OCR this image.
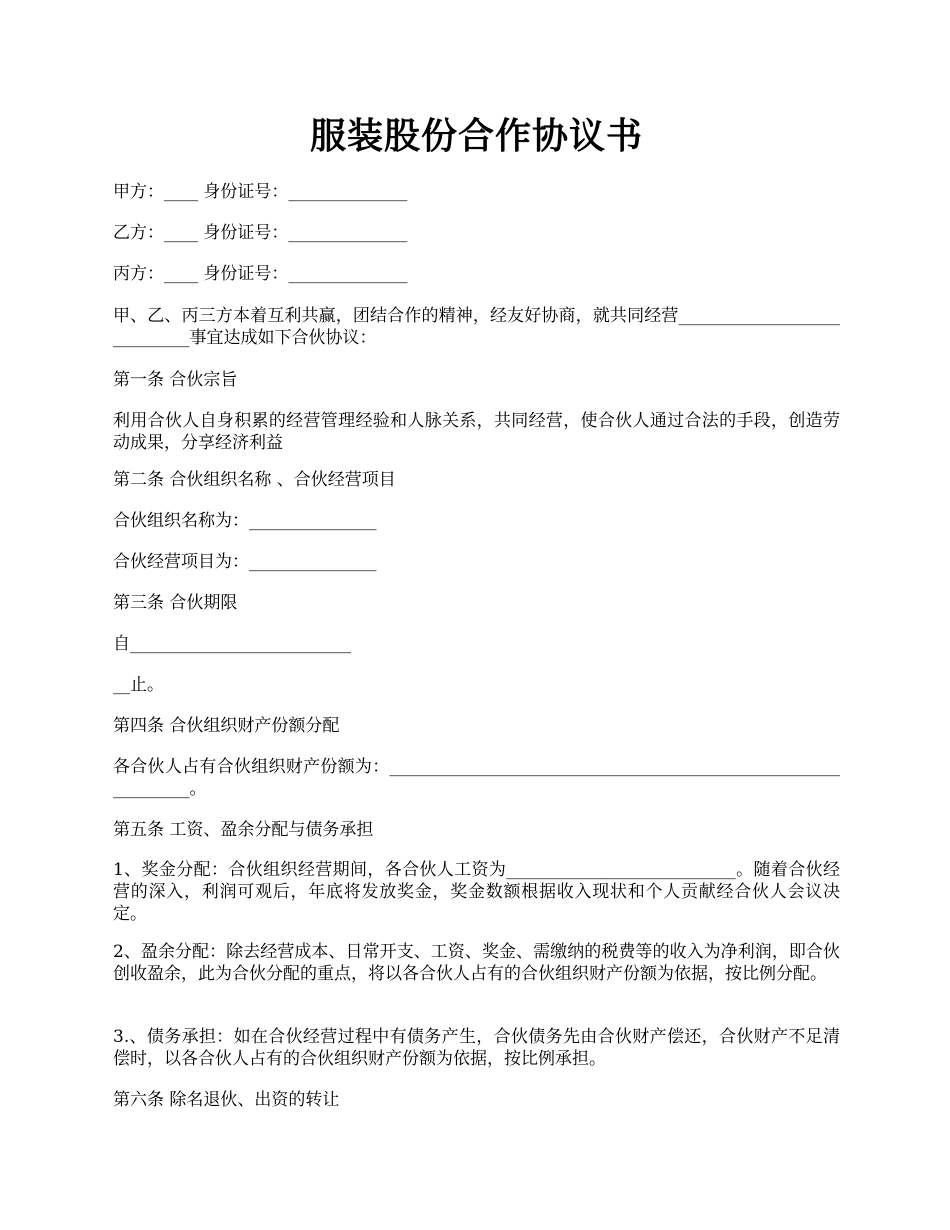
服装股份合作协议书
甲方：____ 身份证号：______________
乙方：____ 身份证号：______________
丙方：____ 身份证号：______________
甲、乙、丙三方本着互利共赢，团结合作的精神，经友好协商，就共同经营____________________________事宜达成如下合伙协议：
第一条 合伙宗旨
利用合伙人自身积累的经营管理经验和人脉关系，共同经营，使合伙人通过合法的手段，创造劳动成果，分享经济利益
第二条 合伙组织名称 、合伙经营项目
合伙组织名称为：_______________
合伙经营项目为：_______________
第三条 合伙期限
自__________________________
__止。
第四条 合伙组织财产份额分配
各合伙人占有合伙组织财产份额为：______________________________________________________________。
第五条 工资、盈余分配与债务承担
1、奖金分配：合伙组织经营期间，各合伙人工资为___________________________。随着合伙经营的深入，利润可观后，年底将发放奖金，奖金数额根据收入现状和个人贡献经合伙人会议决定。
2、盈余分配：除去经营成本、日常开支、工资、奖金、需缴纳的税费等的收入为净利润，即合伙创收盈余，此为合伙分配的重点，将以各合伙人占有的合伙组织财产份额为依据，按比例分配。
3.、债务承担：如在合伙经营过程中有债务产生，合伙债务先由合伙财产偿还，合伙财产不足清偿时，以各合伙人占有的合伙组织财产份额为依据，按比例承担。
第六条 除名退伙、出资的转让
